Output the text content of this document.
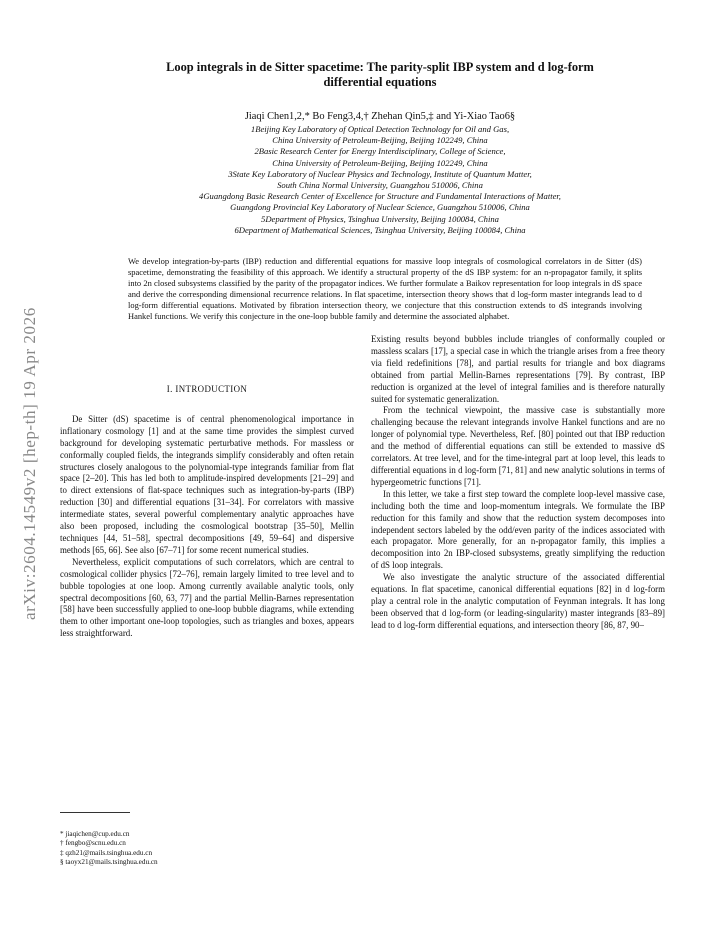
arXiv:2604.14549v2 [hep-th] 19 Apr 2026
Loop integrals in de Sitter spacetime: The parity-split IBP system and d log-form
differential equations
Jiaqi Chen1,2,* Bo Feng3,4,† Zhehan Qin5,‡ and Yi-Xiao Tao6§
1Beijing Key Laboratory of Optical Detection Technology for Oil and Gas,
China University of Petroleum-Beijing, Beijing 102249, China
2Basic Research Center for Energy Interdisciplinary, College of Science,
China University of Petroleum-Beijing, Beijing 102249, China
3State Key Laboratory of Nuclear Physics and Technology, Institute of Quantum Matter,
South China Normal University, Guangzhou 510006, China
4Guangdong Basic Research Center of Excellence for Structure and Fundamental Interactions of Matter,
Guangdong Provincial Key Laboratory of Nuclear Science, Guangzhou 510006, China
5Department of Physics, Tsinghua University, Beijing 100084, China
6Department of Mathematical Sciences, Tsinghua University, Beijing 100084, China
We develop integration-by-parts (IBP) reduction and differential equations for massive loop integrals of cosmological correlators in de Sitter (dS) spacetime, demonstrating the feasibility of this approach. We identify a structural property of the dS IBP system: for an n-propagator family, it splits into 2n closed subsystems classified by the parity of the propagator indices. We further formulate a Baikov representation for loop integrals in dS space and derive the corresponding dimensional recurrence relations. In flat spacetime, intersection theory shows that d log-form master integrands lead to d log-form differential equations. Motivated by fibration intersection theory, we conjecture that this construction extends to dS integrands involving Hankel functions. We verify this conjecture in the one-loop bubble family and determine the associated alphabet.
I. INTRODUCTION

De Sitter (dS) spacetime is of central phenomenological importance in inflationary cosmology [1] and at the same time provides the simplest curved background for developing systematic perturbative methods. For massless or conformally coupled fields, the integrands simplify considerably and often retain structures closely analogous to the polynomial-type integrands familiar from flat space [2–20]. This has led both to amplitude-inspired developments [21–29] and to direct extensions of flat-space techniques such as integration-by-parts (IBP) reduction [30] and differential equations [31–34]. For correlators with massive intermediate states, several powerful complementary analytic approaches have also been proposed, including the cosmological bootstrap [35–50], Mellin techniques [44, 51–58], spectral decompositions [49, 59–64] and dispersive methods [65, 66]. See also [67–71] for some recent numerical studies.

Nevertheless, explicit computations of such correlators, which are central to cosmological collider physics [72–76], remain largely limited to tree level and to bubble topologies at one loop. Among currently available analytic tools, only spectral decompositions [60, 63, 77] and the partial Mellin-Barnes representation [58] have been successfully applied to one-loop bubble diagrams, while extending them to other important one-loop topologies, such as triangles and boxes, appears less straightforward.

Existing results beyond bubbles include triangles of conformally coupled or massless scalars [17], a special case in which the triangle arises from a free theory via field redefinitions [78], and partial results for triangle and box diagrams obtained from partial Mellin-Barnes representations [79]. By contrast, IBP reduction is organized at the level of integral families and is therefore naturally suited for systematic generalization.

From the technical viewpoint, the massive case is substantially more challenging because the relevant integrands involve Hankel functions and are no longer of polynomial type. Nevertheless, Ref. [80] pointed out that IBP reduction and the method of differential equations can still be extended to massive dS correlators. At tree level, and for the time-integral part at loop level, this leads to differential equations in d log-form [71, 81] and new analytic solutions in terms of hypergeometric functions [71].

In this letter, we take a first step toward the complete loop-level massive case, including both the time and loop-momentum integrals. We formulate the IBP reduction for this family and show that the reduction system decomposes into independent sectors labeled by the odd/even parity of the indices associated with each propagator. More generally, for an n-propagator family, this implies a decomposition into 2n IBP-closed subsystems, greatly simplifying the reduction of dS loop integrals.

We also investigate the analytic structure of the associated differential equations. In flat spacetime, canonical differential equations [82] in d log-form play a central role in the analytic computation of Feynman integrals. It has long been observed that d log-form (or leading-singularity) master integrands [83–89] lead to d log-form differential equations, and intersection theory [86, 87, 90–

* jiaqichen@cup.edu.cn
† fengbo@scnu.edu.cn
‡ qzh21@mails.tsinghua.edu.cn
§ taoyx21@mails.tsinghua.edu.cn
